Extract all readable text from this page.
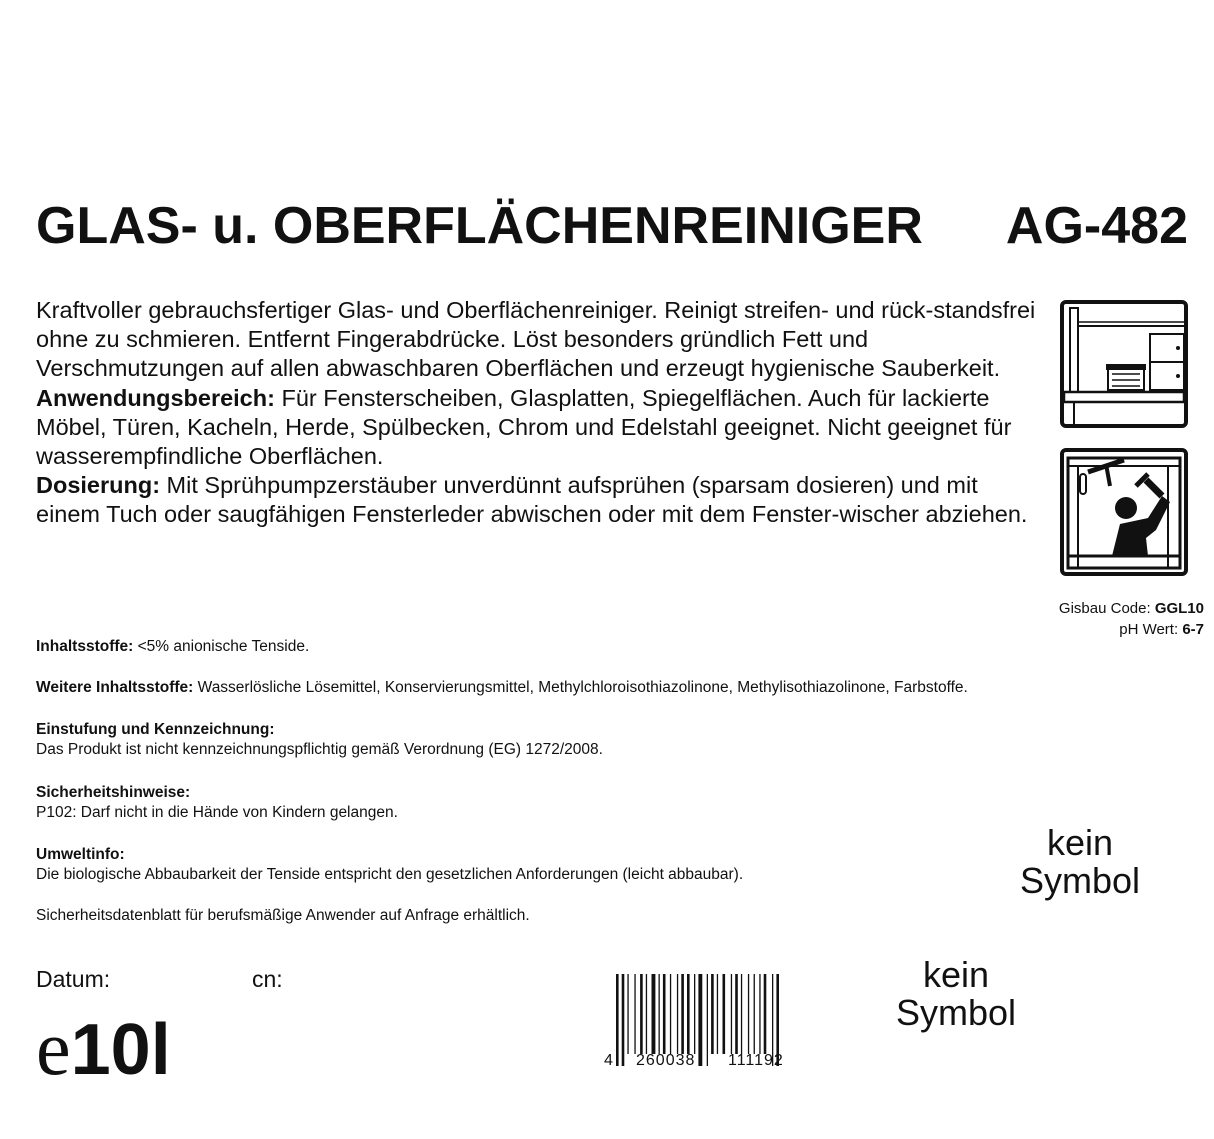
GLAS- u. OBERFLÄCHENREINIGER AG-482

Kraftvoller gebrauchsfertiger Glas- und Oberflächenreiniger. Reinigt streifen- und rück-standsfrei ohne zu schmieren. Entfernt Fingerabdrücke. Löst besonders gründlich Fett und Verschmutzungen auf allen abwaschbaren Oberflächen und erzeugt hygienische Sauberkeit.

Anwendungsbereich: Für Fensterscheiben, Glasplatten, Spiegelflächen. Auch für lackierte Möbel, Türen, Kacheln, Herde, Spülbecken, Chrom und Edelstahl geeignet. Nicht geeignet für wasserempfindliche Oberflächen.

Dosierung: Mit Sprühpumpzerstäuber unverdünnt aufsprühen (sparsam dosieren) und mit einem Tuch oder saugfähigen Fensterleder abwischen oder mit dem Fenster-wischer abziehen.

Gisbau Code: GGL10
pH Wert: 6-7
Inhaltsstoffe: <5% anionische Tenside.
Weitere Inhaltsstoffe: Wasserlösliche Lösemittel, Konservierungsmittel, Methylchloroisothiazolinone, Methylisothiazolinone, Farbstoffe.
Einstufung und Kennzeichnung:
Das Produkt ist nicht kennzeichnungspflichtig gemäß Verordnung (EG) 1272/2008.
Sicherheitshinweise:
P102: Darf nicht in die Hände von Kindern gelangen.
Umweltinfo:
Die biologische Abbaubarkeit der Tenside entspricht den gesetzlichen Anforderungen (leicht abbaubar).
Sicherheitsdatenblatt für berufsmäßige Anwender auf Anfrage erhältlich.
kein
Symbol
kein
Symbol
Datum:	cn:
e10l	4 260038 111192
